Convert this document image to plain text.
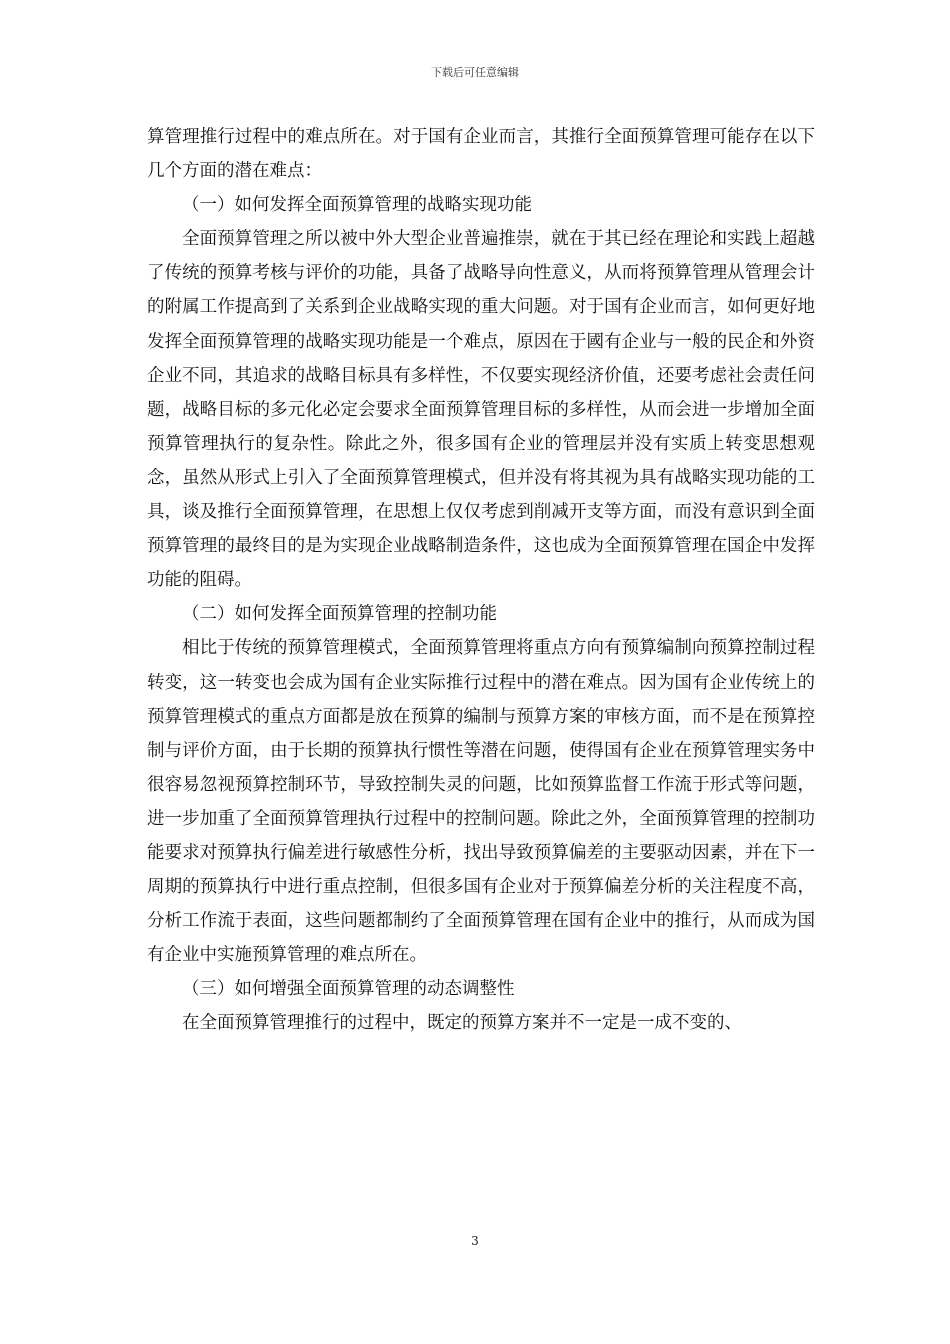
下载后可任意编辑

算管理推行过程中的难点所在。对于国有企业而言，其推行全面预算管理可能存在以下几个方面的潜在难点：

（一）如何发挥全面预算管理的战略实现功能

全面预算管理之所以被中外大型企业普遍推崇，就在于其已经在理论和实践上超越了传统的预算考核与评价的功能，具备了战略导向性意义，从而将预算管理从管理会计的附属工作提高到了关系到企业战略实现的重大问题。对于国有企业而言，如何更好地发挥全面预算管理的战略实现功能是一个难点，原因在于國有企业与一般的民企和外资企业不同，其追求的战略目标具有多样性，不仅要实现经济价值，还要考虑社会责任问题，战略目标的多元化必定会要求全面预算管理目标的多样性，从而会进一步增加全面预算管理执行的复杂性。除此之外，很多国有企业的管理层并没有实质上转变思想观念，虽然从形式上引入了全面预算管理模式，但并没有将其视为具有战略实现功能的工具，谈及推行全面预算管理，在思想上仅仅考虑到削减开支等方面，而没有意识到全面预算管理的最终目的是为实现企业战略制造条件，这也成为全面预算管理在国企中发挥功能的阻碍。

（二）如何发挥全面预算管理的控制功能

相比于传统的预算管理模式，全面预算管理将重点方向有预算编制向预算控制过程转变，这一转变也会成为国有企业实际推行过程中的潜在难点。因为国有企业传统上的预算管理模式的重点方面都是放在预算的编制与预算方案的审核方面，而不是在预算控制与评价方面，由于长期的预算执行惯性等潜在问题，使得国有企业在预算管理实务中很容易忽视预算控制环节，导致控制失灵的问题，比如预算监督工作流于形式等问题，进一步加重了全面预算管理执行过程中的控制问题。除此之外，全面预算管理的控制功能要求对预算执行偏差进行敏感性分析，找出导致预算偏差的主要驱动因素，并在下一周期的预算执行中进行重点控制，但很多国有企业对于预算偏差分析的关注程度不高，分析工作流于表面，这些问题都制约了全面预算管理在国有企业中的推行，从而成为国有企业中实施预算管理的难点所在。

（三）如何增强全面预算管理的动态调整性

在全面预算管理推行的过程中，既定的预算方案并不一定是一成不变的、

3
